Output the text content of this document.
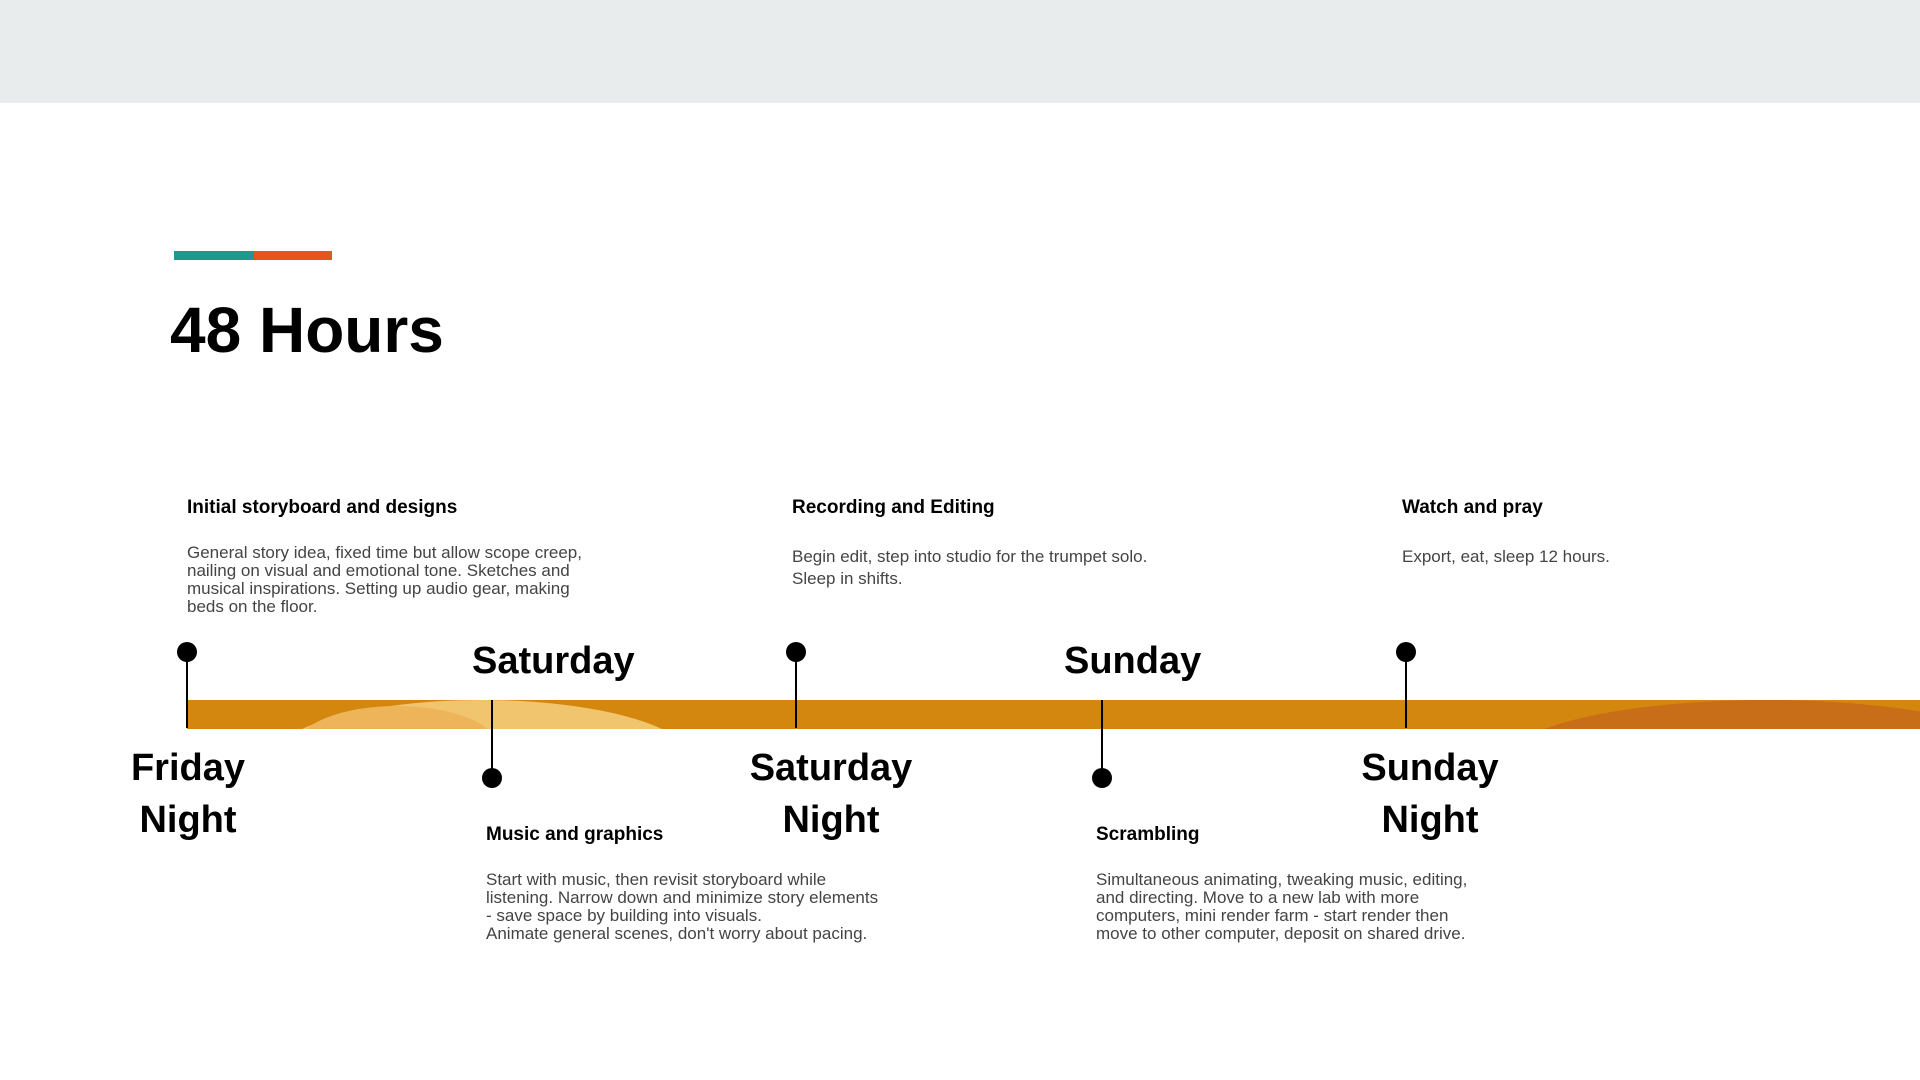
48 Hours
Initial storyboard and designs
General story idea, fixed time but allow scope creep,
nailing on visual and emotional tone. Sketches and
musical inspirations. Setting up audio gear, making
beds on the floor.
Recording and Editing
Begin edit, step into studio for the trumpet solo.
Sleep in shifts.
Watch and pray
Export, eat, sleep 12 hours.
Saturday	Sunday
Friday
Night
Saturday
Night
Sunday
Night
Music and graphics
Start with music, then revisit storyboard while
listening. Narrow down and minimize story elements
- save space by building into visuals.
Animate general scenes, don't worry about pacing.
Scrambling
Simultaneous animating, tweaking music, editing,
and directing. Move to a new lab with more
computers, mini render farm - start render then
move to other computer, deposit on shared drive.
